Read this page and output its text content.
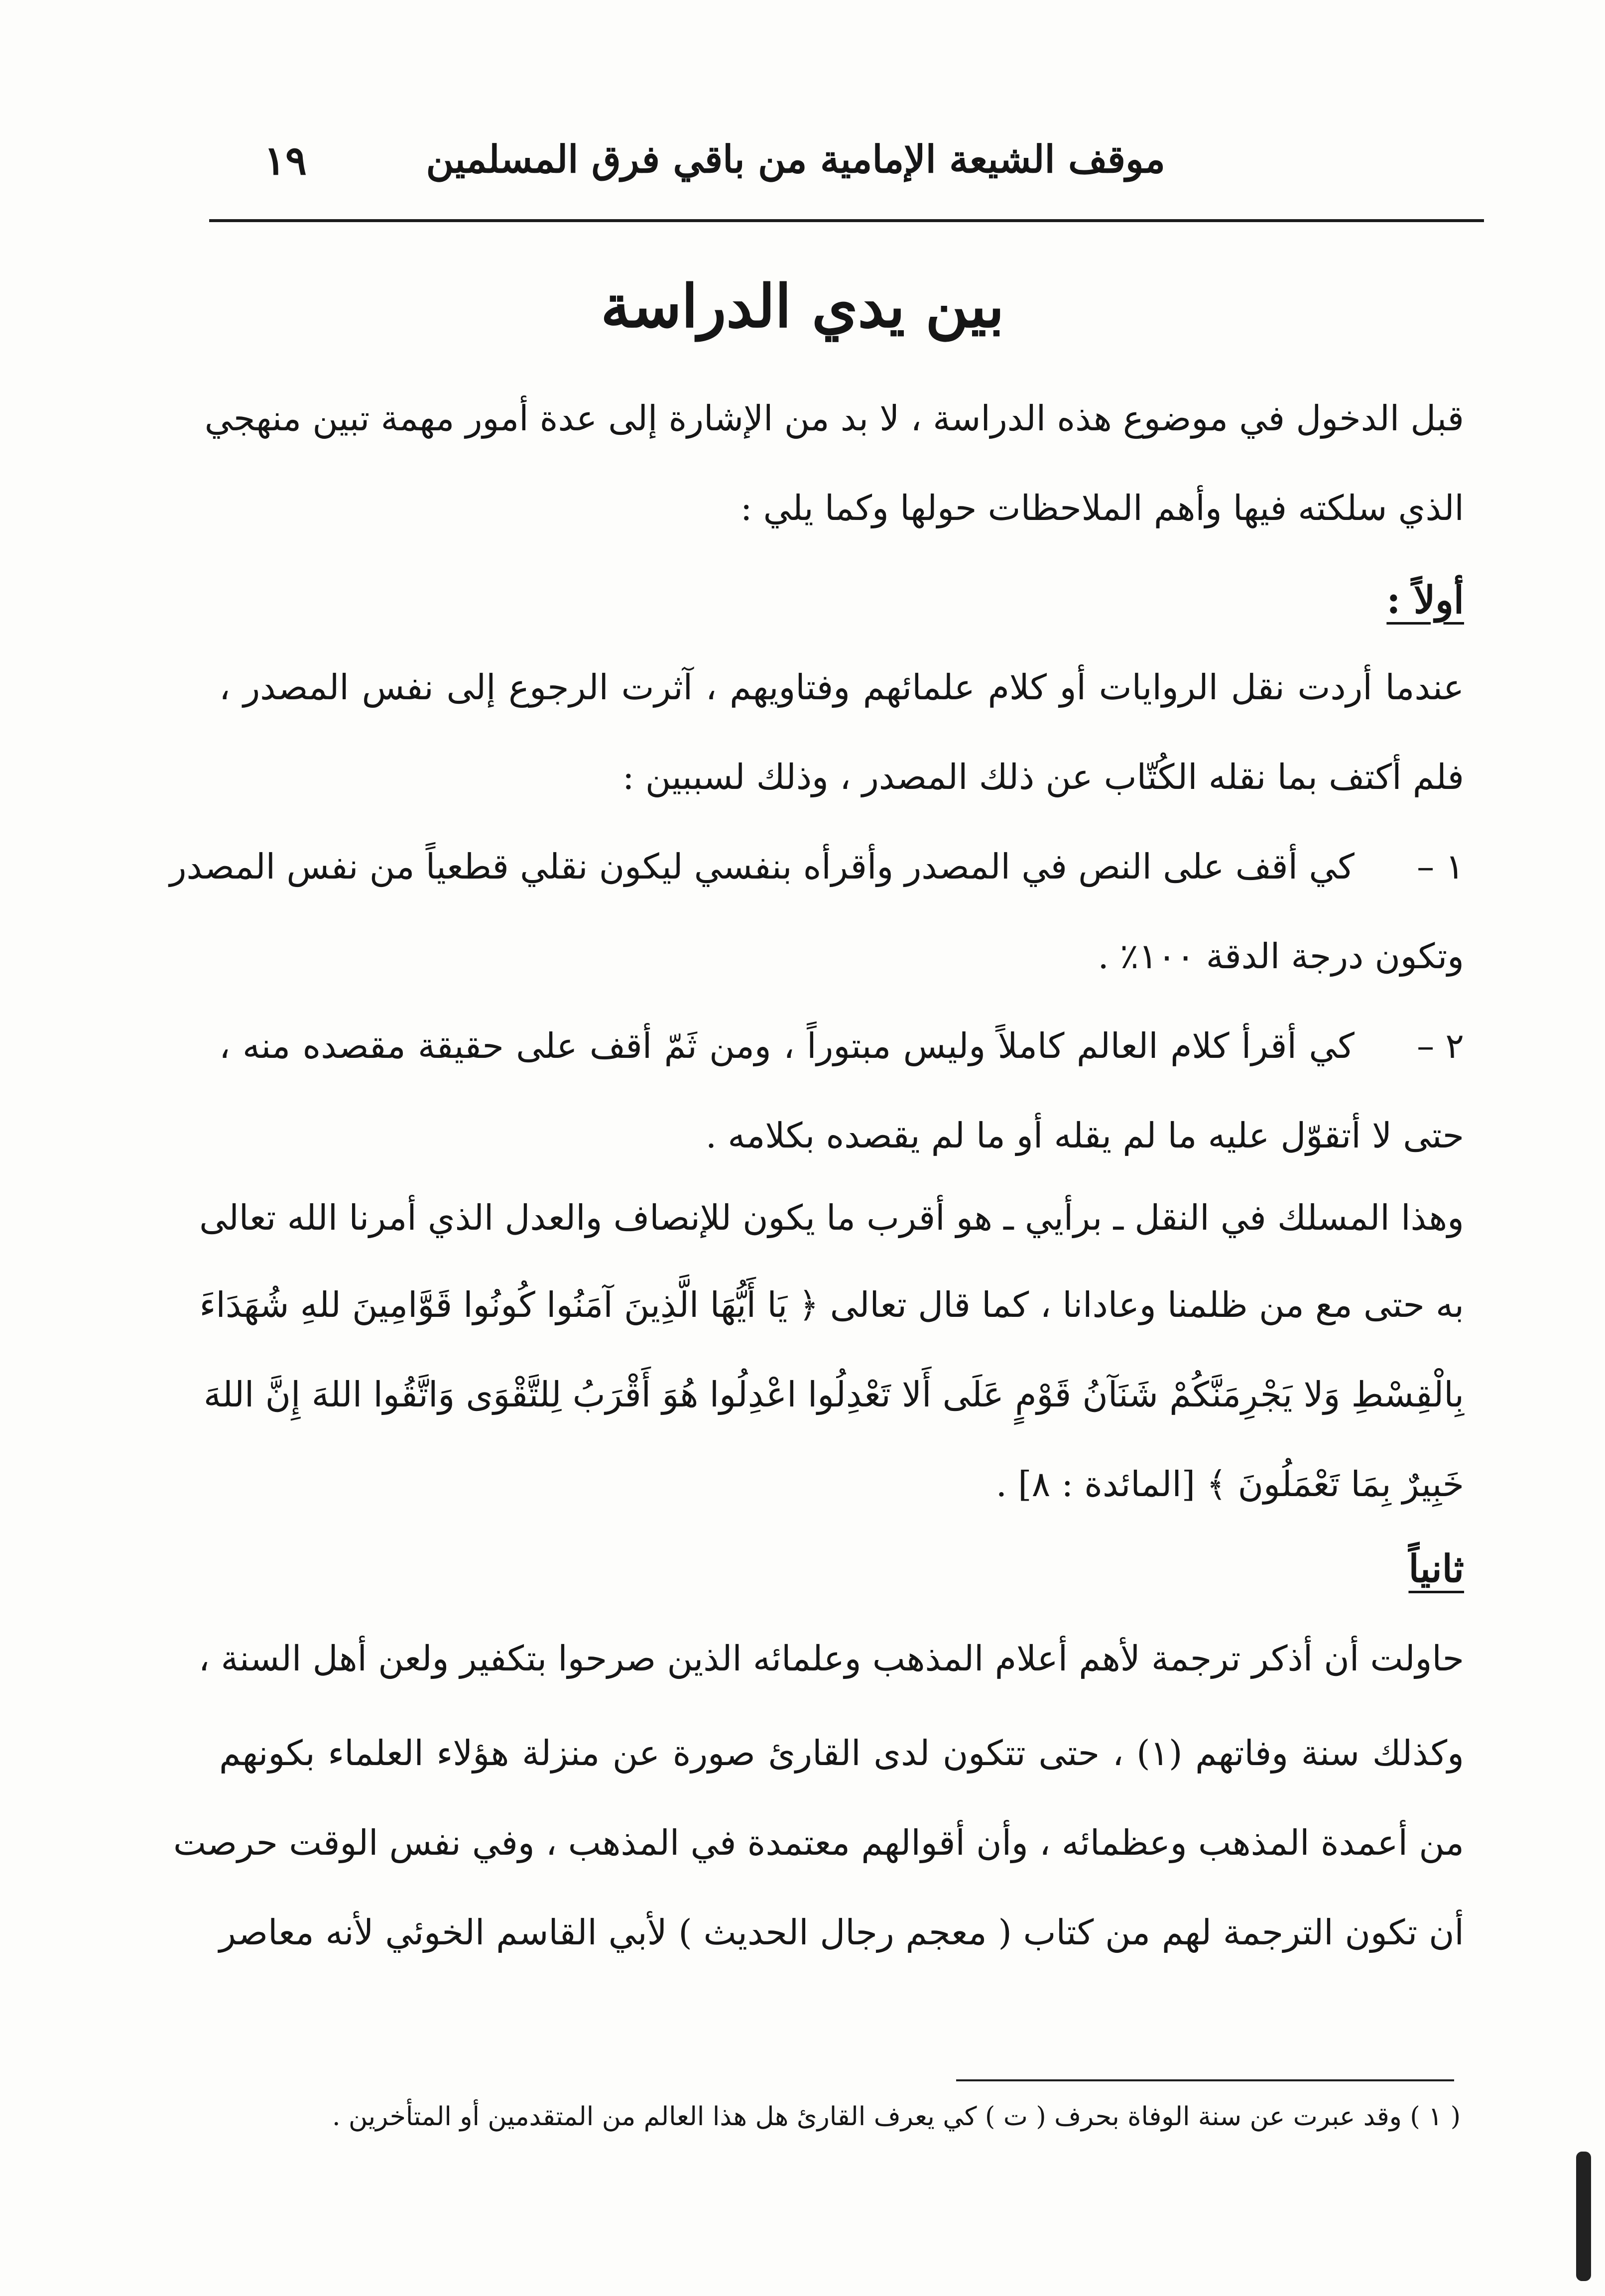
موقف الشيعة الإمامية من باقي فرق المسلمين
١٩
بين يدي الدراسة
قبل الدخول في موضوع هذه الدراسة ، لا بد من الإشارة إلى عدة أمور مهمة تبين منهجي
الذي سلكته فيها وأهم الملاحظات حولها وكما يلي :
أولاً :
عندما أردت نقل الروايات أو كلام علمائهم وفتاويهم ، آثرت الرجوع إلى نفس المصدر ،
فلم أكتف بما نقله الكُتّاب عن ذلك المصدر ، وذلك لسببين :
١ –كي أقف على النص في المصدر وأقرأه بنفسي ليكون نقلي قطعياً من نفس المصدر
وتكون درجة الدقة ١٠٠٪ .
٢ –كي أقرأ كلام العالم كاملاً وليس مبتوراً ، ومن ثَمّ أقف على حقيقة مقصده منه ،
حتى لا أتقوّل عليه ما لم يقله أو ما لم يقصده بكلامه .
وهذا المسلك في النقل ـ برأيي ـ هو أقرب ما يكون للإنصاف والعدل الذي أمرنا الله تعالى
به حتى مع من ظلمنا وعادانا ، كما قال تعالى ﴿ يَا أَيُّهَا الَّذِينَ آمَنُوا كُونُوا قَوَّامِينَ للهِ شُهَدَاءَ
بِالْقِسْطِ وَلا يَجْرِمَنَّكُمْ شَنَآنُ قَوْمٍ عَلَى أَلا تَعْدِلُوا اعْدِلُوا هُوَ أَقْرَبُ لِلتَّقْوَى وَاتَّقُوا اللهَ إِنَّ اللهَ
خَبِيرٌ بِمَا تَعْمَلُونَ ﴾ [المائدة : ٨] .
ثانياً
حاولت أن أذكر ترجمة لأهم أعلام المذهب وعلمائه الذين صرحوا بتكفير ولعن أهل السنة ،
وكذلك سنة وفاتهم (١) ، حتى تتكون لدى القارئ صورة عن منزلة هؤلاء العلماء بكونهم
من أعمدة المذهب وعظمائه ، وأن أقوالهم معتمدة في المذهب ، وفي نفس الوقت حرصت
أن تكون الترجمة لهم من كتاب ( معجم رجال الحديث ) لأبي القاسم الخوئي لأنه معاصر
( ١ ) وقد عبرت عن سنة الوفاة بحرف ( ت ) كي يعرف القارئ هل هذا العالم من المتقدمين أو المتأخرين .
